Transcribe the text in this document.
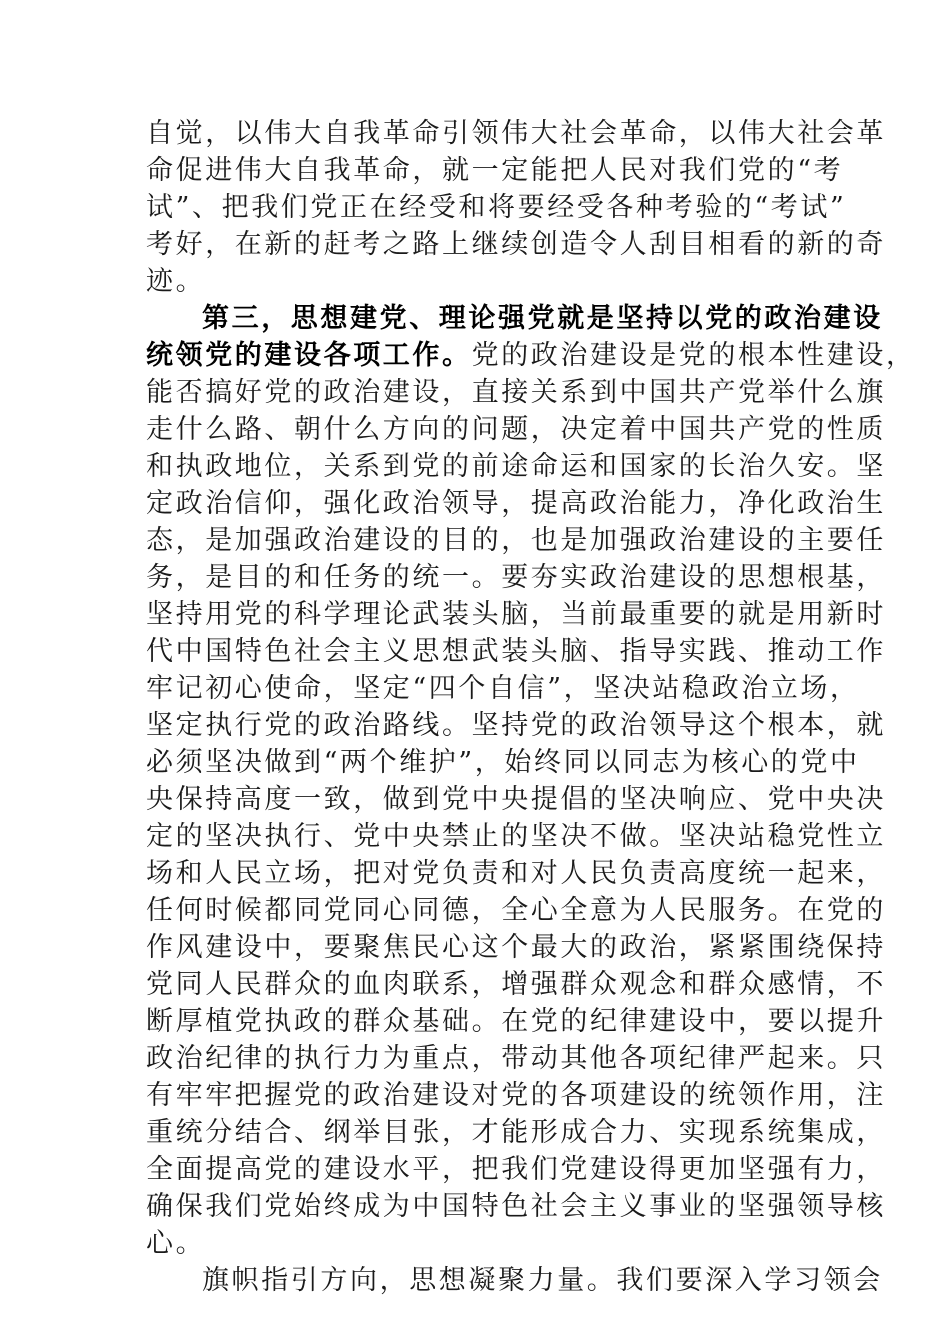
自觉，以伟大自我革命引领伟大社会革命，以伟大社会革
命促进伟大自我革命，就一定能把人民对我们党的“考
试”、把我们党正在经受和将要经受各种考验的“考试”
考好，在新的赶考之路上继续创造令人刮目相看的新的奇
迹。
第三，思想建党、理论强党就是坚持以党的政治建设
统领党的建设各项工作。党的政治建设是党的根本性建设，
能否搞好党的政治建设，直接关系到中国共产党举什么旗
走什么路、朝什么方向的问题，决定着中国共产党的性质
和执政地位，关系到党的前途命运和国家的长治久安。坚
定政治信仰，强化政治领导，提高政治能力，净化政治生
态，是加强政治建设的目的，也是加强政治建设的主要任
务，是目的和任务的统一。要夯实政治建设的思想根基，
坚持用党的科学理论武装头脑，当前最重要的就是用新时
代中国特色社会主义思想武装头脑、指导实践、推动工作
牢记初心使命，坚定“四个自信”，坚决站稳政治立场，
坚定执行党的政治路线。坚持党的政治领导这个根本，就
必须坚决做到“两个维护”，始终同以同志为核心的党中
央保持高度一致，做到党中央提倡的坚决响应、党中央决
定的坚决执行、党中央禁止的坚决不做。坚决站稳党性立
场和人民立场，把对党负责和对人民负责高度统一起来，
任何时候都同党同心同德，全心全意为人民服务。在党的
作风建设中，要聚焦民心这个最大的政治，紧紧围绕保持
党同人民群众的血肉联系，增强群众观念和群众感情，不
断厚植党执政的群众基础。在党的纪律建设中，要以提升
政治纪律的执行力为重点，带动其他各项纪律严起来。只
有牢牢把握党的政治建设对党的各项建设的统领作用，注
重统分结合、纲举目张，才能形成合力、实现系统集成，
全面提高党的建设水平，把我们党建设得更加坚强有力，
确保我们党始终成为中国特色社会主义事业的坚强领导核
心。
旗帜指引方向，思想凝聚力量。我们要深入学习领会
